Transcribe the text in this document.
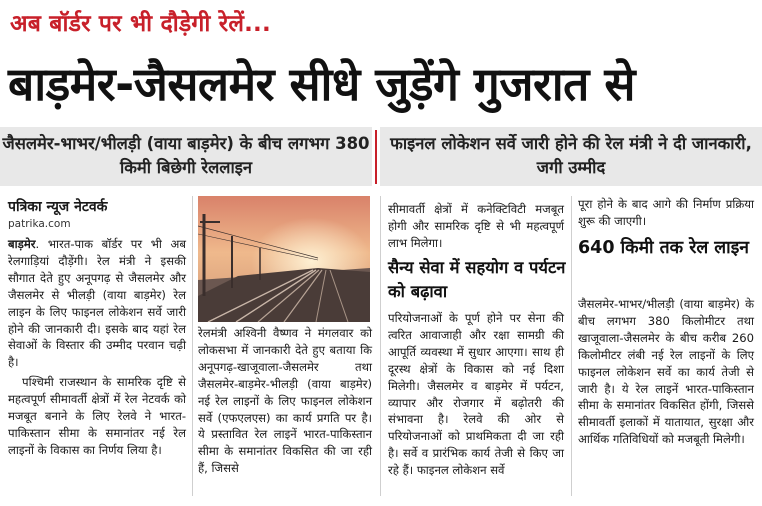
अब बॉर्डर पर भी दौड़ेगी रेलें...
बाड़मेर-जैसलमेर सीधे जुड़ेंगे गुजरात से
जैसलमेर-भाभर/भीलड़ी (वाया बाड़मेर) के बीच लगभग 380 किमी बिछेगी रेललाइन
फाइनल लोकेशन सर्वे जारी होने की रेल मंत्री ने दी जानकारी, जगी उम्मीद
पत्रिका न्यूज नेटवर्क
patrika.com

बाड़मेर. भारत-पाक बॉर्डर पर भी अब रेलगाड़ियां दौड़ेंगी। रेल मंत्री ने इसकी सौगात देते हुए अनूपगढ़ से जैसलमेर और जैसलमेर से भीलड़ी (वाया बाड़मेर) रेल लाइन के लिए फाइनल लोकेशन सर्वे जारी होने की जानकारी दी। इसके बाद यहां रेल सेवाओं के विस्तार की उम्मीद परवान चढ़ी है।

पश्चिमी राजस्थान के सामरिक दृष्टि से महत्वपूर्ण सीमावर्ती क्षेत्रों में रेल नेटवर्क को मजबूत बनाने के लिए रेलवे ने भारत-पाकिस्तान सीमा के समानांतर नई रेल लाइनों के विकास का निर्णय लिया है।

रेलमंत्री अश्विनी वैष्णव ने मंगलवार को लोकसभा में जानकारी देते हुए बताया कि अनूपगढ़-खाजूवाला-जैसलमेर तथा जैसलमेर-बाड़मेर-भीलड़ी (वाया बाड़मेर) नई रेल लाइनों के लिए फाइनल लोकेशन सर्वे (एफएलएस) का कार्य प्रगति पर है। ये प्रस्तावित रेल लाइनें भारत-पाकिस्तान सीमा के समानांतर विकसित की जा रही हैं, जिससे

सीमावर्ती क्षेत्रों में कनेक्टिविटी मजबूत होगी और सामरिक दृष्टि से भी महत्वपूर्ण लाभ मिलेगा।

सैन्य सेवा में सहयोग व पर्यटन को बढ़ावा

परियोजनाओं के पूर्ण होने पर सेना की त्वरित आवाजाही और रक्षा सामग्री की आपूर्ति व्यवस्था में सुधार आएगा। साथ ही दूरस्थ क्षेत्रों के विकास को नई दिशा मिलेगी। जैसलमेर व बाड़मेर में पर्यटन, व्यापार और रोजगार में बढ़ोतरी की संभावना है। रेलवे की ओर से परियोजनाओं को प्राथमिकता दी जा रही है। सर्वे व प्रारंभिक कार्य तेजी से किए जा रहे हैं। फाइनल लोकेशन सर्वे

पूरा होने के बाद आगे की निर्माण प्रक्रिया शुरू की जाएगी।

640 किमी तक रेल लाइन

जैसलमेर-भाभर/भीलड़ी (वाया बाड़मेर) के बीच लगभग 380 किलोमीटर तथा खाजूवाला-जैसलमेर के बीच करीब 260 किलोमीटर लंबी नई रेल लाइनों के लिए फाइनल लोकेशन सर्वे का कार्य तेजी से जारी है। ये रेल लाइनें भारत-पाकिस्तान सीमा के समानांतर विकसित होंगी, जिससे सीमावर्ती इलाकों में यातायात, सुरक्षा और आर्थिक गतिविधियों को मजबूती मिलेगी।
